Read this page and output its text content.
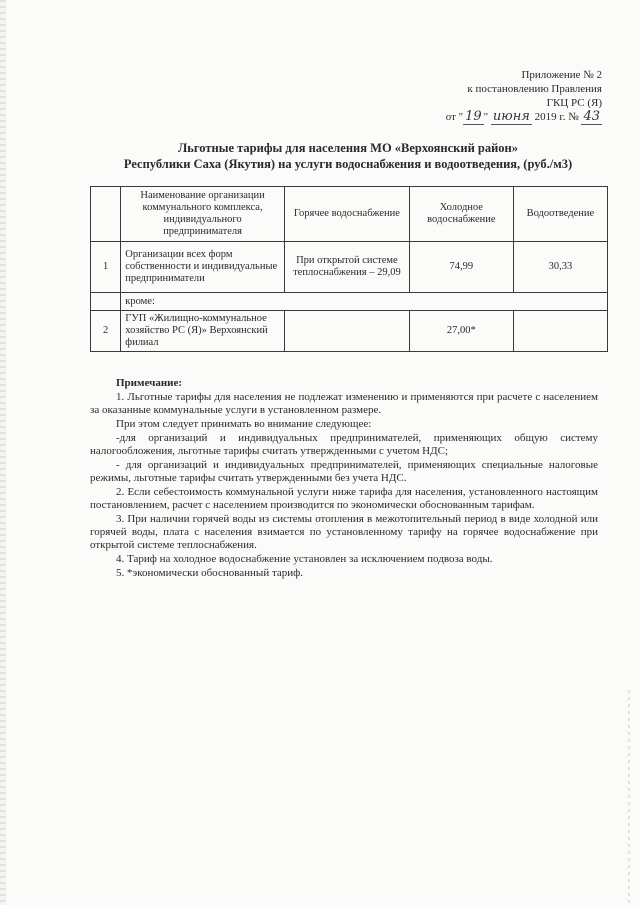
Приложение № 2
к постановлению Правления
ГКЦ РС (Я)
от " 19 " июня 2019 г. № 43
Льготные тарифы для населения МО «Верхоянский район»
Республики Саха (Якутия) на услуги водоснабжения и водоотведения, (руб./м3)
	Наименование организации коммунального комплекса, индивидуального предпринимателя	Горячее водоснабжение	Холодное водоснабжение	Водоотведение
1	Организации всех форм собственности и индивидуальные предприниматели	При открытой системе теплоснабжения – 29,09	74,99	30,33
	кроме:			
2	ГУП «Жилищно-коммунальное хозяйство РС (Я)» Верхоянский филиал		27,00*	

Примечание:

1. Льготные тарифы для населения не подлежат изменению и применяются при расчете с населением за оказанные коммунальные услуги в установленном размере.

При этом следует принимать во внимание следующее:

-для организаций и индивидуальных предпринимателей, применяющих общую систему налогообложения, льготные тарифы считать утвержденными с учетом НДС;

- для организаций и индивидуальных предпринимателей, применяющих специальные налоговые режимы, льготные тарифы считать утвержденными без учета НДС.

2. Если себестоимость коммунальной услуги ниже тарифа для населения, установленного настоящим постановлением, расчет с населением производится по экономически обоснованным тарифам.

3. При наличии горячей воды из системы отопления в межотопительный период в виде холодной или горячей воды, плата с населения взимается по установленному тарифу на горячее водоснабжение при открытой системе теплоснабжения.

4. Тариф на холодное водоснабжение установлен за исключением подвоза воды.

5. *экономически обоснованный тариф.
